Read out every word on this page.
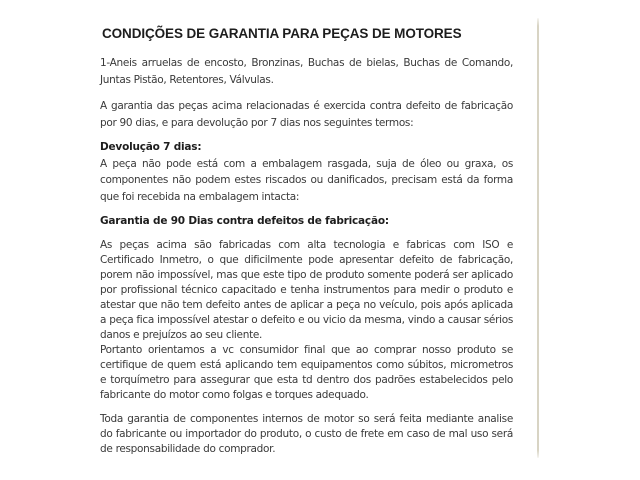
CONDIÇÕES DE GARANTIA PARA PEÇAS DE MOTORES

1-Aneis arruelas de encosto, Bronzinas, Buchas de bielas, Buchas de Comando, Juntas Pistão, Retentores, Válvulas.

A garantia das peças acima relacionadas é exercida contra defeito de fabricação por 90 dias, e para devolução por 7 dias nos seguintes termos:

Devolução 7 dias:

A peça não pode está com a embalagem rasgada, suja de óleo ou graxa, os componentes não podem estes riscados ou danificados, precisam está da forma que foi recebida na embalagem intacta:

Garantia de 90 Dias contra defeitos de fabricação:

As peças acima são fabricadas com alta tecnologia e fabricas com ISO e Certificado Inmetro, o que dificilmente pode apresentar defeito de fabricação, porem não impossível, mas que este tipo de produto somente poderá ser aplicado por profissional técnico capacitado e tenha instrumentos para medir o produto e atestar que não tem defeito antes de aplicar a peça no veículo, pois após aplicada a peça fica impossível atestar o defeito e ou vicio da mesma, vindo a causar sérios danos e prejuízos ao seu cliente.

Portanto orientamos a vc consumidor final que ao comprar nosso produto se certifique de quem está aplicando tem equipamentos como súbitos, micrometros e torquímetro para assegurar que esta td dentro dos padrões estabelecidos pelo fabricante do motor como folgas e torques adequado.

Toda garantia de componentes internos de motor so será feita mediante analise do fabricante ou importador do produto, o custo de frete em caso de mal uso será de responsabilidade do comprador.
